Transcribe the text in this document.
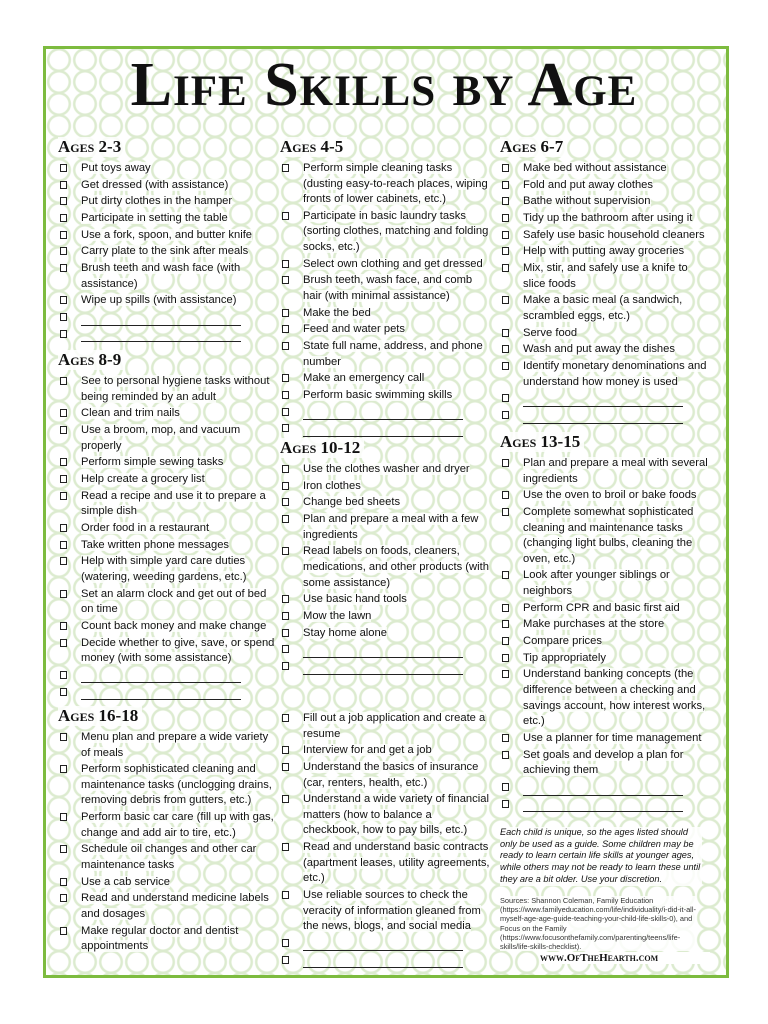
Life Skills by Age
Ages 2-3
Put toys away
Get dressed (with assistance)
Put dirty clothes in the hamper
Participate in setting the table
Use a fork, spoon, and butter knife
Carry plate to the sink after meals
Brush teeth and wash face (with assistance)
Wipe up spills (with assistance)
Ages 8-9
See to personal hygiene tasks without being reminded by an adult
Clean and trim nails
Use a broom, mop, and vacuum properly
Perform simple sewing tasks
Help create a grocery list
Read a recipe and use it to prepare a simple dish
Order food in a restaurant
Take written phone messages
Help with simple yard care duties (watering, weeding gardens, etc.)
Set an alarm clock and get out of bed on time
Count back money and make change
Decide whether to give, save, or spend money (with some assistance)
Ages 16-18
Menu plan and prepare a wide variety of meals
Perform sophisticated cleaning and maintenance tasks (unclogging drains, removing debris from gutters, etc.)
Perform basic car care (fill up with gas, change and add air to tire, etc.)
Schedule oil changes and other car maintenance tasks
Use a cab service
Read and understand medicine labels and dosages
Make regular doctor and dentist appointments
Ages 4-5
Perform simple cleaning tasks (dusting easy-to-reach places, wiping fronts of lower cabinets, etc.)
Participate in basic laundry tasks (sorting clothes, matching and folding socks, etc.)
Select own clothing and get dressed
Brush teeth, wash face, and comb hair (with minimal assistance)
Make the bed
Feed and water pets
State full name, address, and phone number
Make an emergency call
Perform basic swimming skills
Ages 10-12
Use the clothes washer and dryer
Iron clothes
Change bed sheets
Plan and prepare a meal with a few ingredients
Read labels on foods, cleaners, medications, and other products (with some assistance)
Use basic hand tools
Mow the lawn
Stay home alone
Fill out a job application and create a resume
Interview for and get a job
Understand the basics of insurance (car, renters, health, etc.)
Understand a wide variety of financial matters (how to balance a checkbook, how to pay bills, etc.)
Read and understand basic contracts (apartment leases, utility agreements, etc.)
Use reliable sources to check the veracity of information gleaned from the news, blogs, and social media
Ages 6-7
Make bed without assistance
Fold and put away clothes
Bathe without supervision
Tidy up the bathroom after using it
Safely use basic household cleaners
Help with putting away groceries
Mix, stir, and safely use a knife to slice foods
Make a basic meal (a sandwich, scrambled eggs, etc.)
Serve food
Wash and put away the dishes
Identify monetary denominations and understand how money is used
Ages 13-15
Plan and prepare a meal with several ingredients
Use the oven to broil or bake foods
Complete somewhat sophisticated cleaning and maintenance tasks (changing light bulbs, cleaning the oven, etc.)
Look after younger siblings or neighbors
Perform CPR and basic first aid
Make purchases at the store
Compare prices
Tip appropriately
Understand banking concepts (the difference between a checking and savings account, how interest works, etc.)
Use a planner for time management
Set goals and develop a plan for achieving them
Each child is unique, so the ages listed should only be used as a guide. Some children may be ready to learn certain life skills at younger ages, while others may not be ready to learn these until they are a bit older. Use your discretion.
Sources: Shannon Coleman, Family Education (https://www.familyeducation.com/life/individuality/i-did-it-all-myself-age-age-guide-teaching-your-child-life-skills-0), and Focus on the Family (https://www.focusonthefamily.com/parenting/teens/life-skills/life-skills-checklist).
www.OfTheHearth.com
